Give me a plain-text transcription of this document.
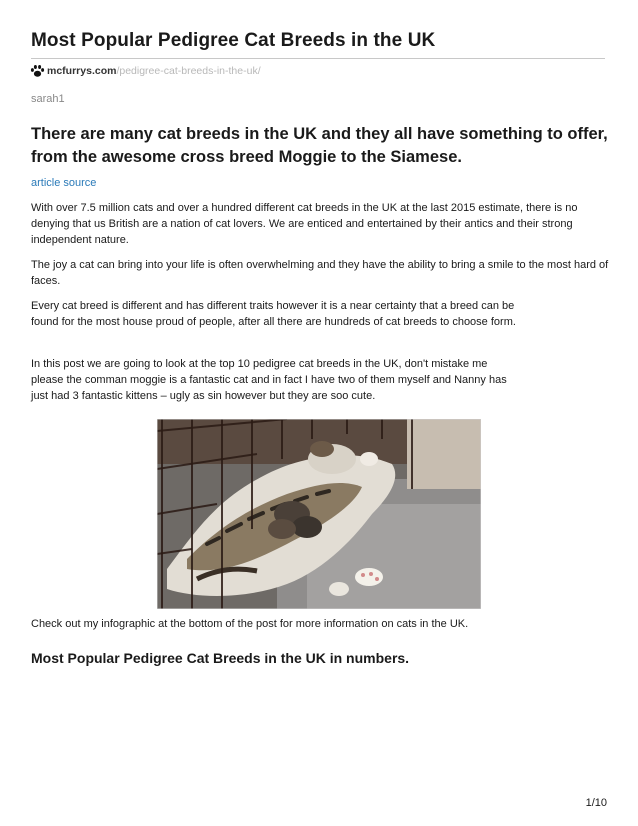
Most Popular Pedigree Cat Breeds in the UK
mcfurrys.com /pedigree-cat-breeds-in-the-uk/
sarah1

There are many cat breeds in the UK and they all have something to offer, from the awesome cross breed Moggie to the Siamese.

article source

With over 7.5 million cats and over a hundred different cat breeds in the UK at the last 2015 estimate, there is no denying that us British are a nation of cat lovers. We are enticed and entertained by their antics and their strong independent nature.

The joy a cat can bring into your life is often overwhelming and they have the ability to bring a smile to the most hard of faces.

Every cat breed is different and has different traits however it is a near certainty that a breed can be found for the most house proud of people, after all there are hundreds of cat breeds to choose form.

In this post we are going to look at the top 10 pedigree cat breeds in the UK, don't mistake me please the comman moggie is a fantastic cat and in fact I have two of them myself and Nanny has just had 3 fantastic kittens – ugly as sin however but they are soo cute.

Check out my infographic at the bottom of the post for more information on cats in the UK.

Most Popular Pedigree Cat Breeds in the UK in numbers.
1/10
